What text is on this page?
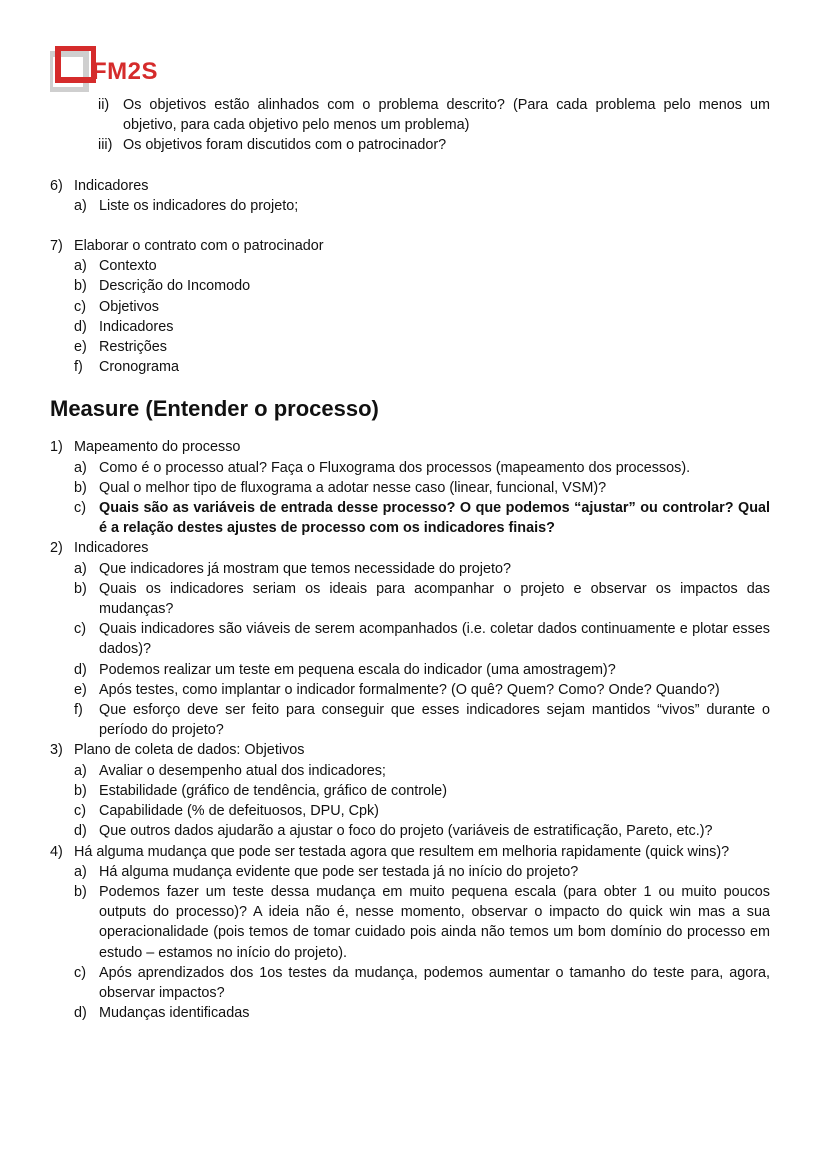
FM2S
ii) Os objetivos estão alinhados com o problema descrito? (Para cada problema pelo menos um objetivo, para cada objetivo pelo menos um problema)
iii) Os objetivos foram discutidos com o patrocinador?
6) Indicadores
a) Liste os indicadores do projeto;
7) Elaborar o contrato com o patrocinador
a) Contexto
b) Descrição do Incomodo
c) Objetivos
d) Indicadores
e) Restrições
f) Cronograma
Measure (Entender o processo)
1) Mapeamento do processo
a) Como é o processo atual? Faça o Fluxograma dos processos (mapeamento dos processos).
b) Qual o melhor tipo de fluxograma a adotar nesse caso (linear, funcional, VSM)?
c) Quais são as variáveis de entrada desse processo? O que podemos “ajustar” ou controlar? Qual é a relação destes ajustes de processo com os indicadores finais?
2) Indicadores
a) Que indicadores já mostram que temos necessidade do projeto?
b) Quais os indicadores seriam os ideais para acompanhar o projeto e observar os impactos das mudanças?
c) Quais indicadores são viáveis de serem acompanhados (i.e. coletar dados continuamente e plotar esses dados)?
d) Podemos realizar um teste em pequena escala do indicador (uma amostragem)?
e) Após testes, como implantar o indicador formalmente? (O quê? Quem? Como? Onde? Quando?)
f) Que esforço deve ser feito para conseguir que esses indicadores sejam mantidos “vivos” durante o período do projeto?
3) Plano de coleta de dados: Objetivos
a) Avaliar o desempenho atual dos indicadores;
b) Estabilidade (gráfico de tendência, gráfico de controle)
c) Capabilidade (% de defeituosos, DPU, Cpk)
d) Que outros dados ajudarão a ajustar o foco do projeto (variáveis de estratificação, Pareto, etc.)?
4) Há alguma mudança que pode ser testada agora que resultem em melhoria rapidamente (quick wins)?
a) Há alguma mudança evidente que pode ser testada já no início do projeto?
b) Podemos fazer um teste dessa mudança em muito pequena escala (para obter 1 ou muito poucos outputs do processo)? A ideia não é, nesse momento, observar o impacto do quick win mas a sua operacionalidade (pois temos de tomar cuidado pois ainda não temos um bom domínio do processo em estudo – estamos no início do projeto).
c) Após aprendizados dos 1os testes da mudança, podemos aumentar o tamanho do teste para, agora, observar impactos?
d) Mudanças identificadas
